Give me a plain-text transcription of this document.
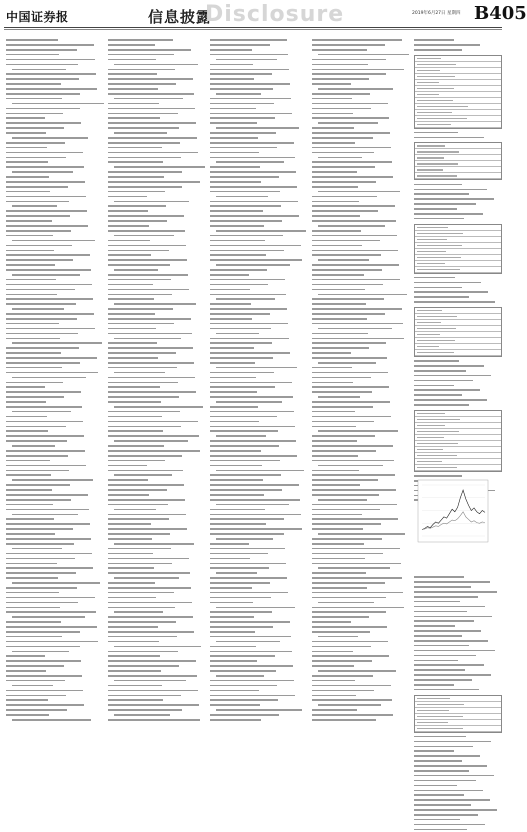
中国证券报	信息披露
Disclosure	2019年6月27日 星期四 B405
